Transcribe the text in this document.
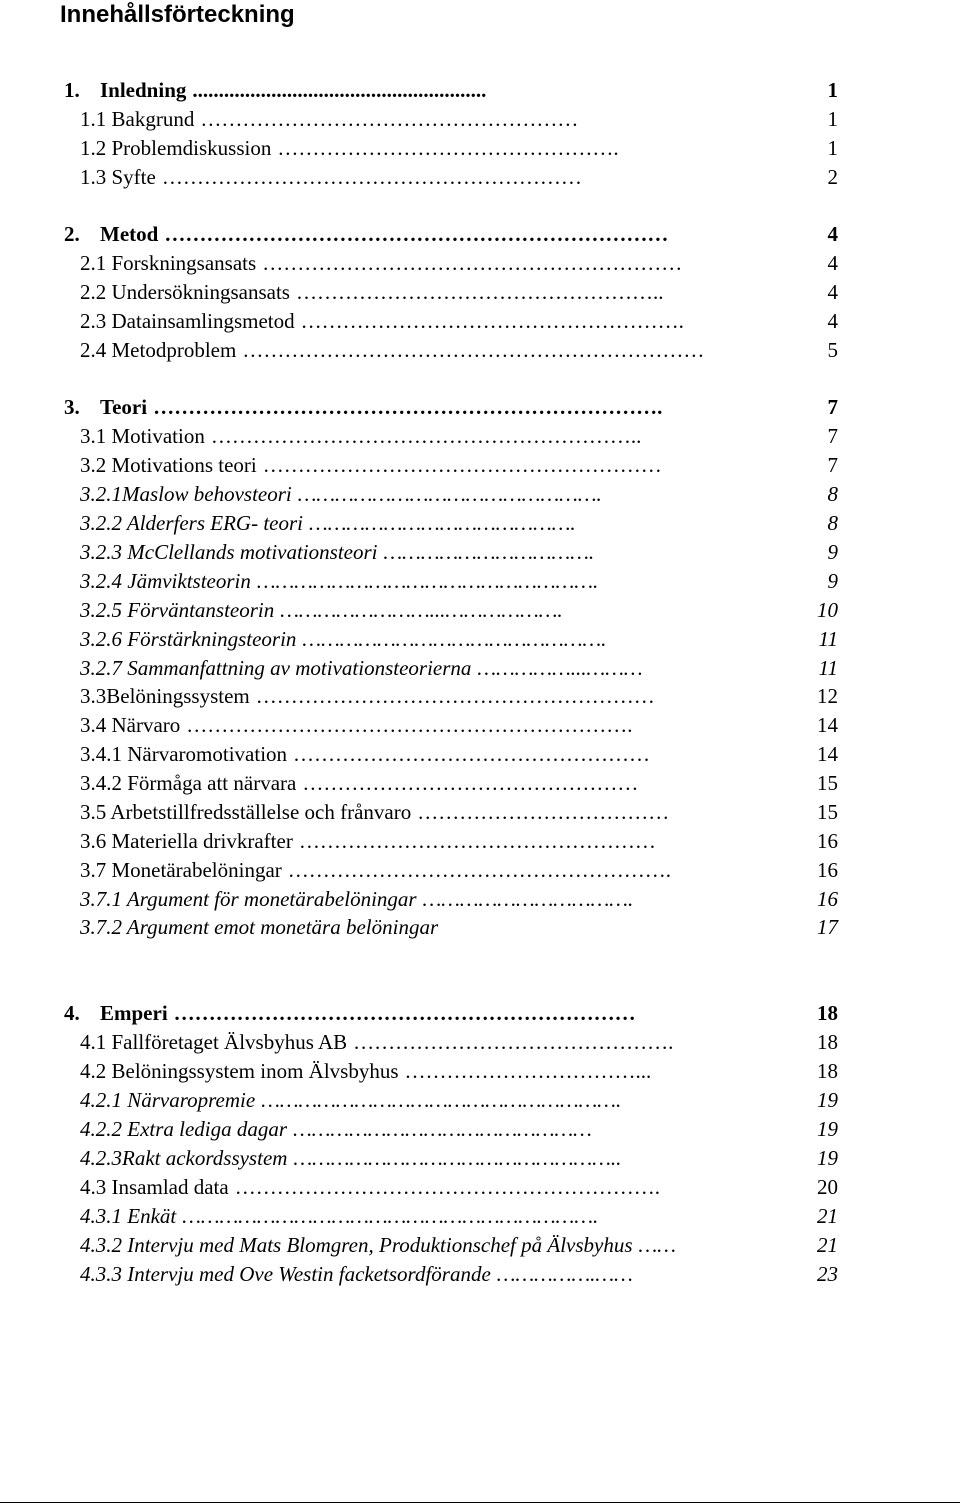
Innehållsförteckning
1. Inledning	1
........................................................
1.1 Bakgrund	1
………………………………………………
1.2 Problemdiskussion	1
………………………………………….
1.3 Syfte	2
……………………………………………………
2. Metod	4
………………………………………………………………
2.1 Forskningsansats	4
……………………………………………………
2.2 Undersökningsansats	4
……………………………………………..
2.3 Datainsamlingsmetod	4
……………………………………………….
2.4 Metodproblem	5
…………………………………………………………
3. Teori	7
……………………………………………………………….
3.1 Motivation	7
……………………………………………………..
3.2 Motivations teori	7
…………………………………………………
3.2.1Maslow behovsteori	8
………………………………………….
3.2.2 Alderfers ERG- teori	8
…………………………………….
3.2.3 McClellands motivationsteori	9
…………………………….
3.2.4 Jämviktsteorin	9
……………………………………………….
3.2.5 Förväntansteorin	10
……………………...……………….
3.2.6 Förstärkningsteorin	11
………………………………………….
3.2.7 Sammanfattning av motivationsteorierna	11
……………...………
3.3Belöningssystem	12
…………………………………………………
3.4 Närvaro	14
……………………………………………………….
3.4.1 Närvaromotivation	14
……………………………………………
3.4.2 Förmåga att närvara	15
…………………………………………
3.5 Arbetstillfredsställelse och frånvaro	15
………………………………
3.6 Materiella drivkrafter	16
……………………………………………
3.7 Monetärabelöningar	16
……………………………………………….
3.7.1 Argument för monetärabelöningar	16
…………………………….
3.7.2 Argument emot monetära belöningar	17
4. Emperi	18
…………………………………………………………
4.1 Fallföretaget Älvsbyhus AB	18
……………………………………….
4.2 Belöningssystem inom Älvsbyhus	18
……………………………...
4.2.1 Närvaropremie	19
………………………………………………….
4.2.2 Extra lediga dagar	19
…………………………………………
4.2.3Rakt ackordssystem	19
……………………………………………..
4.3 Insamlad data	20
…………………………………………………….
4.3.1 Enkät	21
………………………………………………………….
4.3.2 Intervju med Mats Blomgren, Produktionschef på Älvsbyhus	21
……
4.3.3 Intervju med Ove Westin facketsordförande	23
…………….……
